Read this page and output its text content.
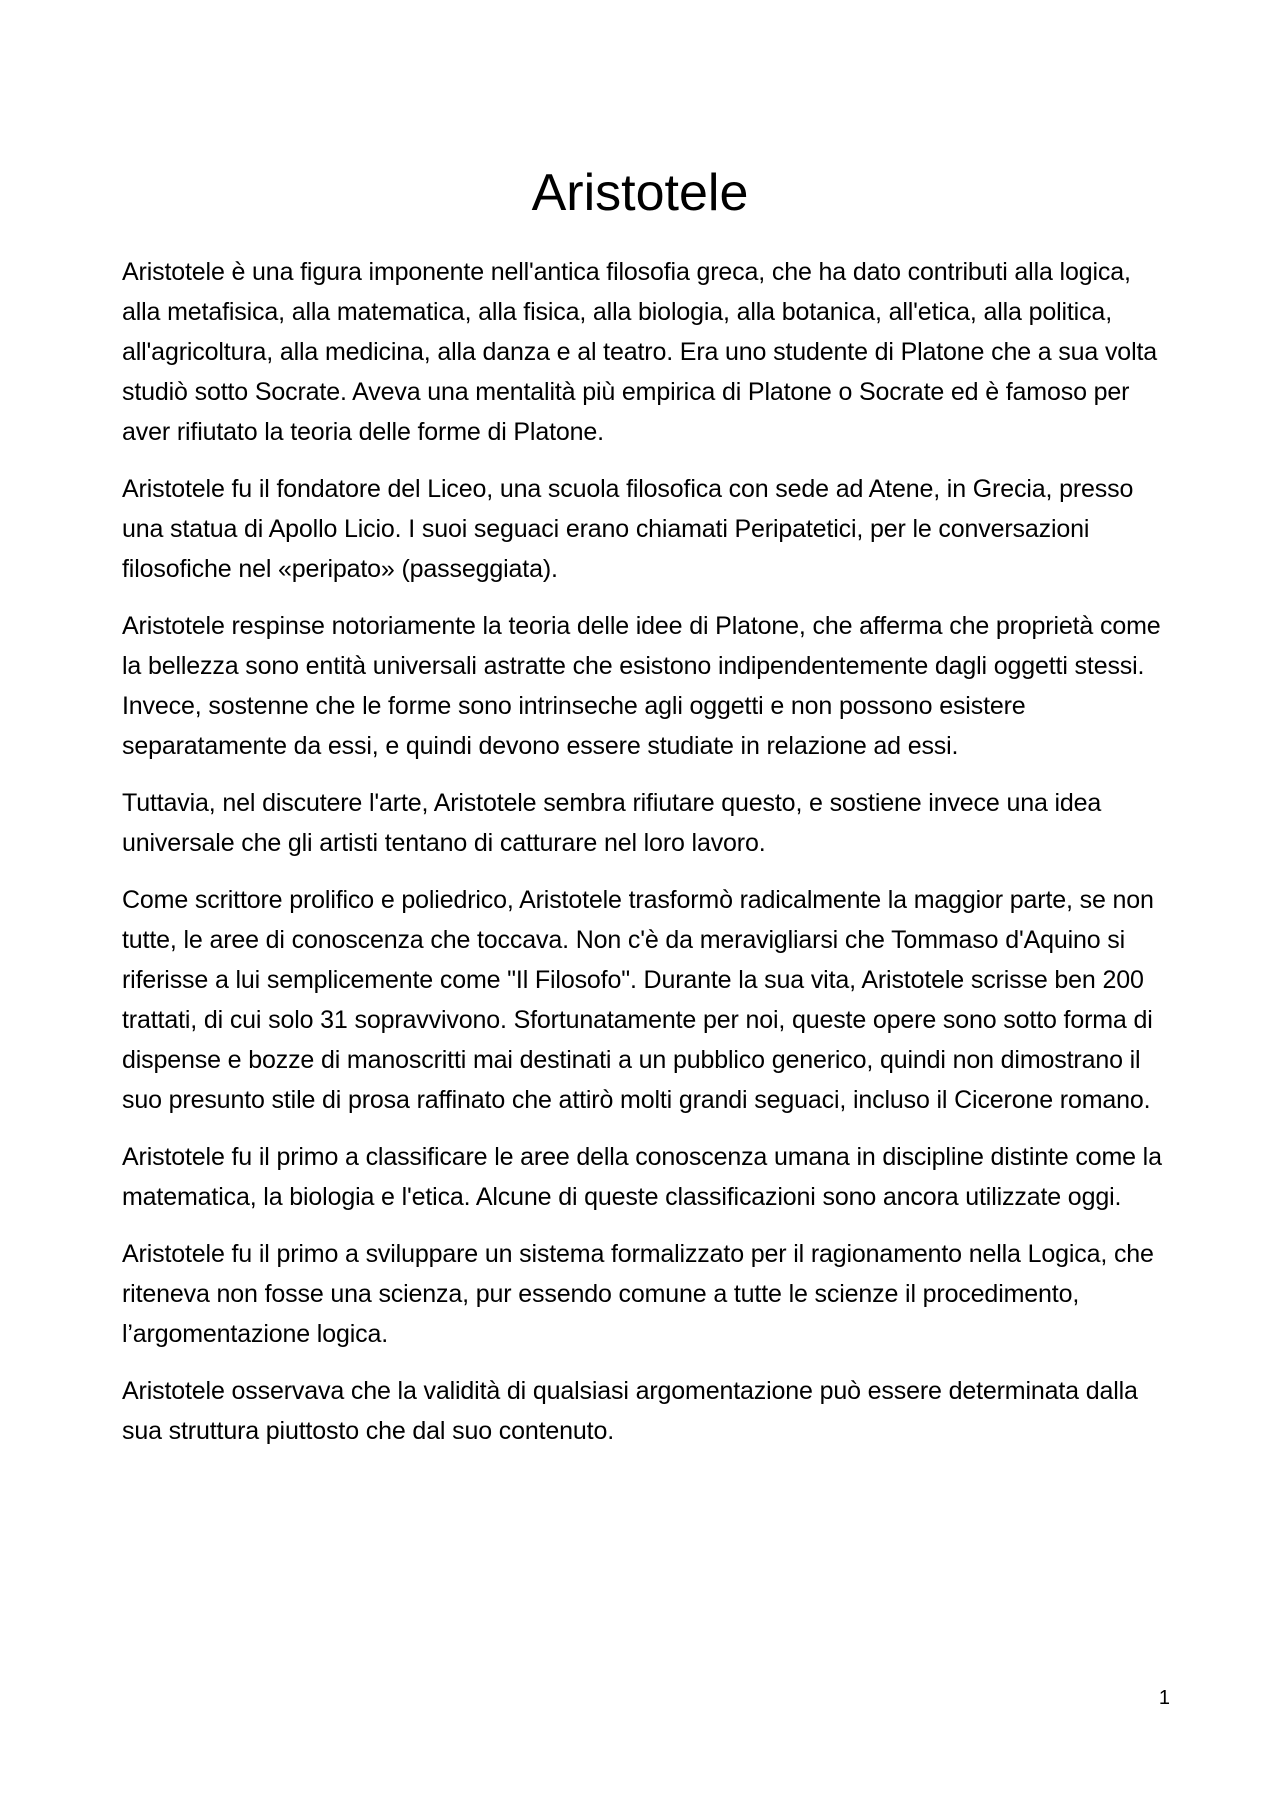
Aristotele

Aristotele è una figura imponente nell'antica filosofia greca, che ha dato contributi alla logica, alla metafisica, alla matematica, alla fisica, alla biologia, alla botanica, all'etica, alla politica, all'agricoltura, alla medicina, alla danza e al teatro. Era uno studente di Platone che a sua volta studiò sotto Socrate. Aveva una mentalità più empirica di Platone o Socrate ed è famoso per aver rifiutato la teoria delle forme di Platone.

Aristotele fu il fondatore del Liceo, una scuola filosofica con sede ad Atene, in Grecia, presso una statua di Apollo Licio. I suoi seguaci erano chiamati Peripatetici, per le conversazioni filosofiche nel «peripato» (passeggiata).

Aristotele respinse notoriamente la teoria delle idee di Platone, che afferma che proprietà come la bellezza sono entità universali astratte che esistono indipendentemente dagli oggetti stessi. Invece, sostenne che le forme sono intrinseche agli oggetti e non possono esistere separatamente da essi, e quindi devono essere studiate in relazione ad essi.

Tuttavia, nel discutere l'arte, Aristotele sembra rifiutare questo, e sostiene invece una idea universale che gli artisti tentano di catturare nel loro lavoro.

Come scrittore prolifico e poliedrico, Aristotele trasformò radicalmente la maggior parte, se non tutte, le aree di conoscenza che toccava. Non c'è da meravigliarsi che Tommaso d'Aquino si riferisse a lui semplicemente come "Il Filosofo". Durante la sua vita, Aristotele scrisse ben 200 trattati, di cui solo 31 sopravvivono. Sfortunatamente per noi, queste opere sono sotto forma di dispense e bozze di manoscritti mai destinati a un pubblico generico, quindi non dimostrano il suo presunto stile di prosa raffinato che attirò molti grandi seguaci, incluso il Cicerone romano.

Aristotele fu il primo a classificare le aree della conoscenza umana in discipline distinte come la matematica, la biologia e l'etica. Alcune di queste classificazioni sono ancora utilizzate oggi.

Aristotele fu il primo a sviluppare un sistema formalizzato per il ragionamento nella Logica, che riteneva non fosse una scienza, pur essendo comune a tutte le scienze il procedimento, l’argomentazione logica.

Aristotele osservava che la validità di qualsiasi argomentazione può essere determinata dalla sua struttura piuttosto che dal suo contenuto.

1
